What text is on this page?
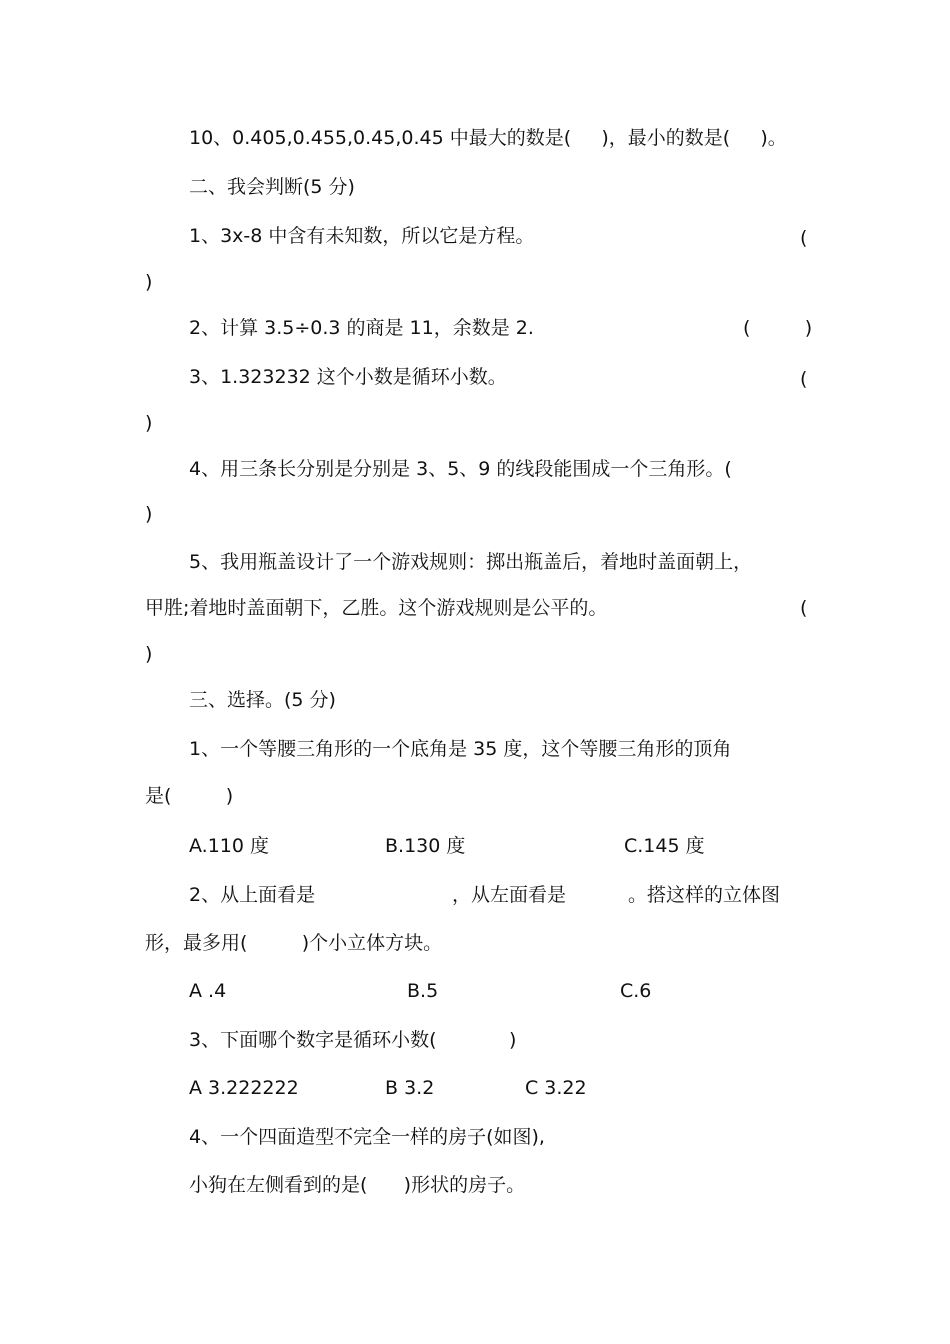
10、0.405,0.455,0.45,0.45 中最大的数是(     )，最小的数是(     )。
二、我会判断(5 分)
1、3x-8 中含有未知数，所以它是方程。	(
)
2、计算 3.5÷0.3 的商是 11，余数是 2.	(         )
3、1.323232 这个小数是循环小数。	(
)
4、用三条长分别是分别是 3、5、9 的线段能围成一个三角形。(
)
5、我用瓶盖设计了一个游戏规则：掷出瓶盖后，着地时盖面朝上，
甲胜;着地时盖面朝下，乙胜。这个游戏规则是公平的。	(
)
三、选择。(5 分)
1、一个等腰三角形的一个底角是 35 度，这个等腰三角形的顶角
是(         )
A.110 度	B.130 度	C.145 度
2、从上面看是	，从左面看是	。搭这样的立体图
形，最多用(         )个小立体方块。
A .4	B.5	C.6
3、下面哪个数字是循环小数(            )
A 3.222222	B 3.2	C 3.22
4、一个四面造型不完全一样的房子(如图),
小狗在左侧看到的是(      )形状的房子。
